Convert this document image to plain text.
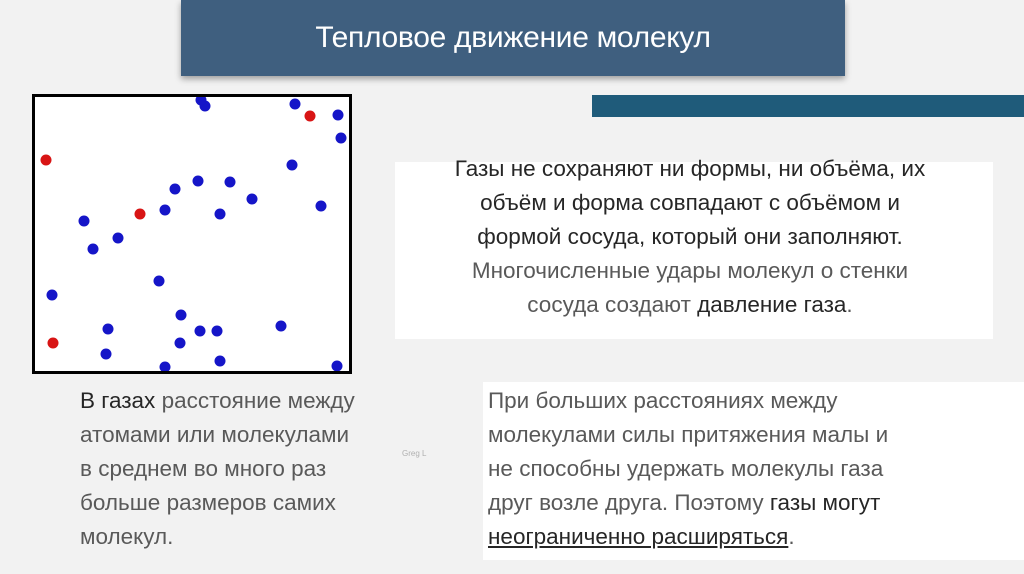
Тепловое движение молекул
Газы не сохраняют ни формы, ни объёма, их
объём и форма совпадают с объёмом и
формой сосуда, который они заполняют.
Многочисленные удары молекул о стенки
сосуда создают давление газа.
В газах расстояние между
атомами или молекулами
в среднем во много раз
больше размеров самих
молекул.
Greg L
При больших расстояниях между
молекулами силы притяжения малы и
не способны удержать молекулы газа
друг возле друга. Поэтому газы могут
неограниченно расширяться.
